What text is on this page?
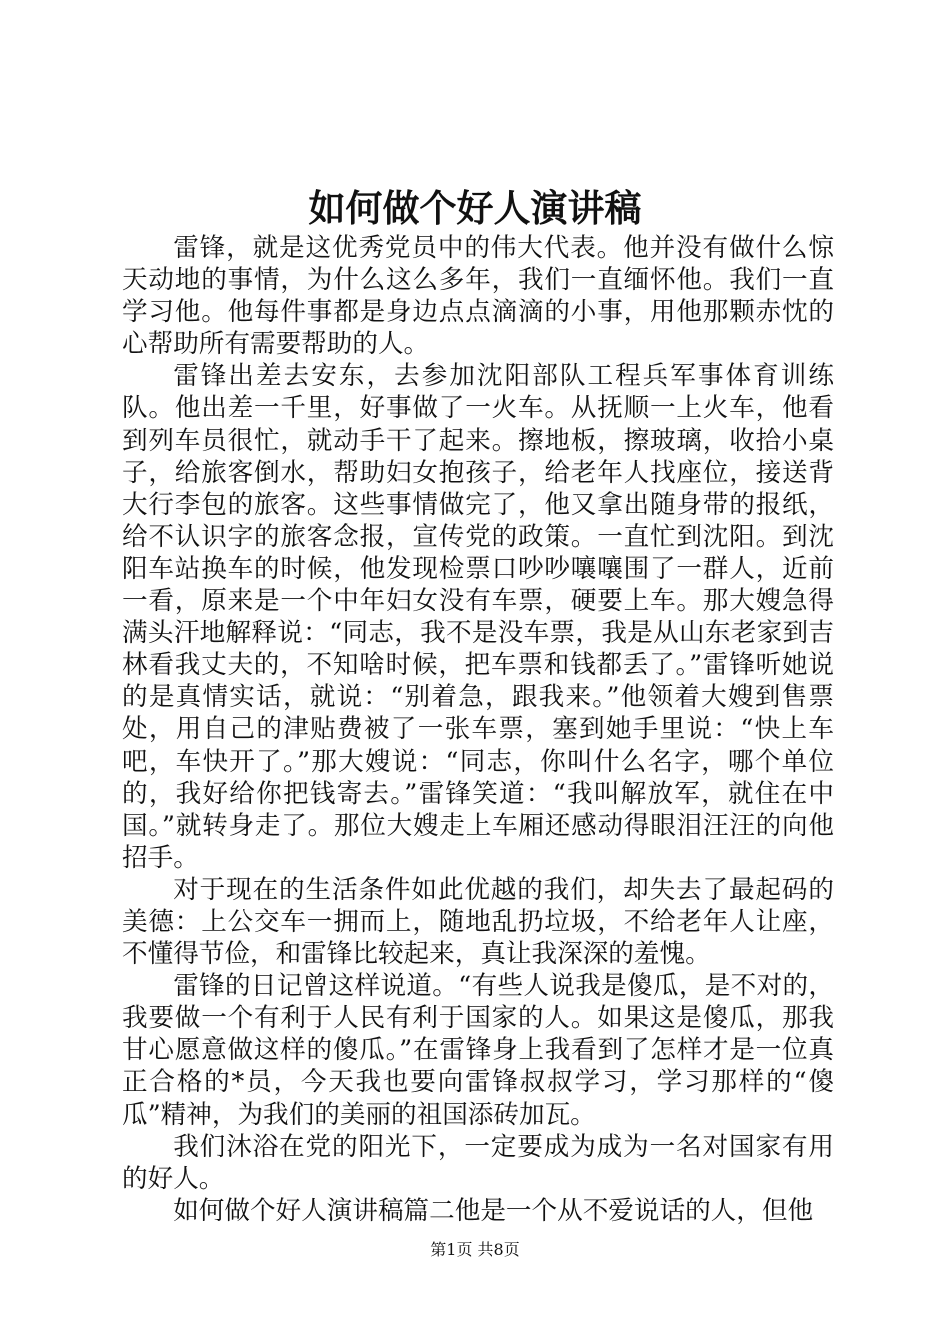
如何做个好人演讲稿

雷锋，就是这优秀党员中的伟大代表。他并没有做什么惊天动地的事情，为什么这么多年，我们一直缅怀他。我们一直学习他。他每件事都是身边点点滴滴的小事，用他那颗赤忱的心帮助所有需要帮助的人。

雷锋出差去安东，去参加沈阳部队工程兵军事体育训练队。他出差一千里，好事做了一火车。从抚顺一上火车，他看到列车员很忙，就动手干了起来。擦地板，擦玻璃，收拾小桌子，给旅客倒水，帮助妇女抱孩子，给老年人找座位，接送背大行李包的旅客。这些事情做完了，他又拿出随身带的报纸，给不认识字的旅客念报，宣传党的政策。一直忙到沈阳。到沈阳车站换车的时候，他发现检票口吵吵嚷嚷围了一群人，近前一看，原来是一个中年妇女没有车票，硬要上车。那大嫂急得满头汗地解释说：“同志，我不是没车票，我是从山东老家到吉林看我丈夫的，不知啥时候，把车票和钱都丢了。”雷锋听她说的是真情实话，就说：“别着急，跟我来。”他领着大嫂到售票处，用自己的津贴费被了一张车票，塞到她手里说：“快上车吧，车快开了。”那大嫂说：“同志，你叫什么名字，哪个单位的，我好给你把钱寄去。”雷锋笑道：“我叫解放军，就住在中国。”就转身走了。那位大嫂走上车厢还感动得眼泪汪汪的向他招手。

对于现在的生活条件如此优越的我们，却失去了最起码的美德：上公交车一拥而上，随地乱扔垃圾，不给老年人让座，不懂得节俭，和雷锋比较起来，真让我深深的羞愧。

雷锋的日记曾这样说道。“有些人说我是傻瓜，是不对的，我要做一个有利于人民有利于国家的人。如果这是傻瓜，那我甘心愿意做这样的傻瓜。”在雷锋身上我看到了怎样才是一位真正合格的*员，今天我也要向雷锋叔叔学习，学习那样的“傻瓜”精神，为我们的美丽的祖国添砖加瓦。

我们沐浴在党的阳光下，一定要成为成为一名对国家有用的好人。

如何做个好人演讲稿篇二他是一个从不爱说话的人，但他

第1页 共8页
